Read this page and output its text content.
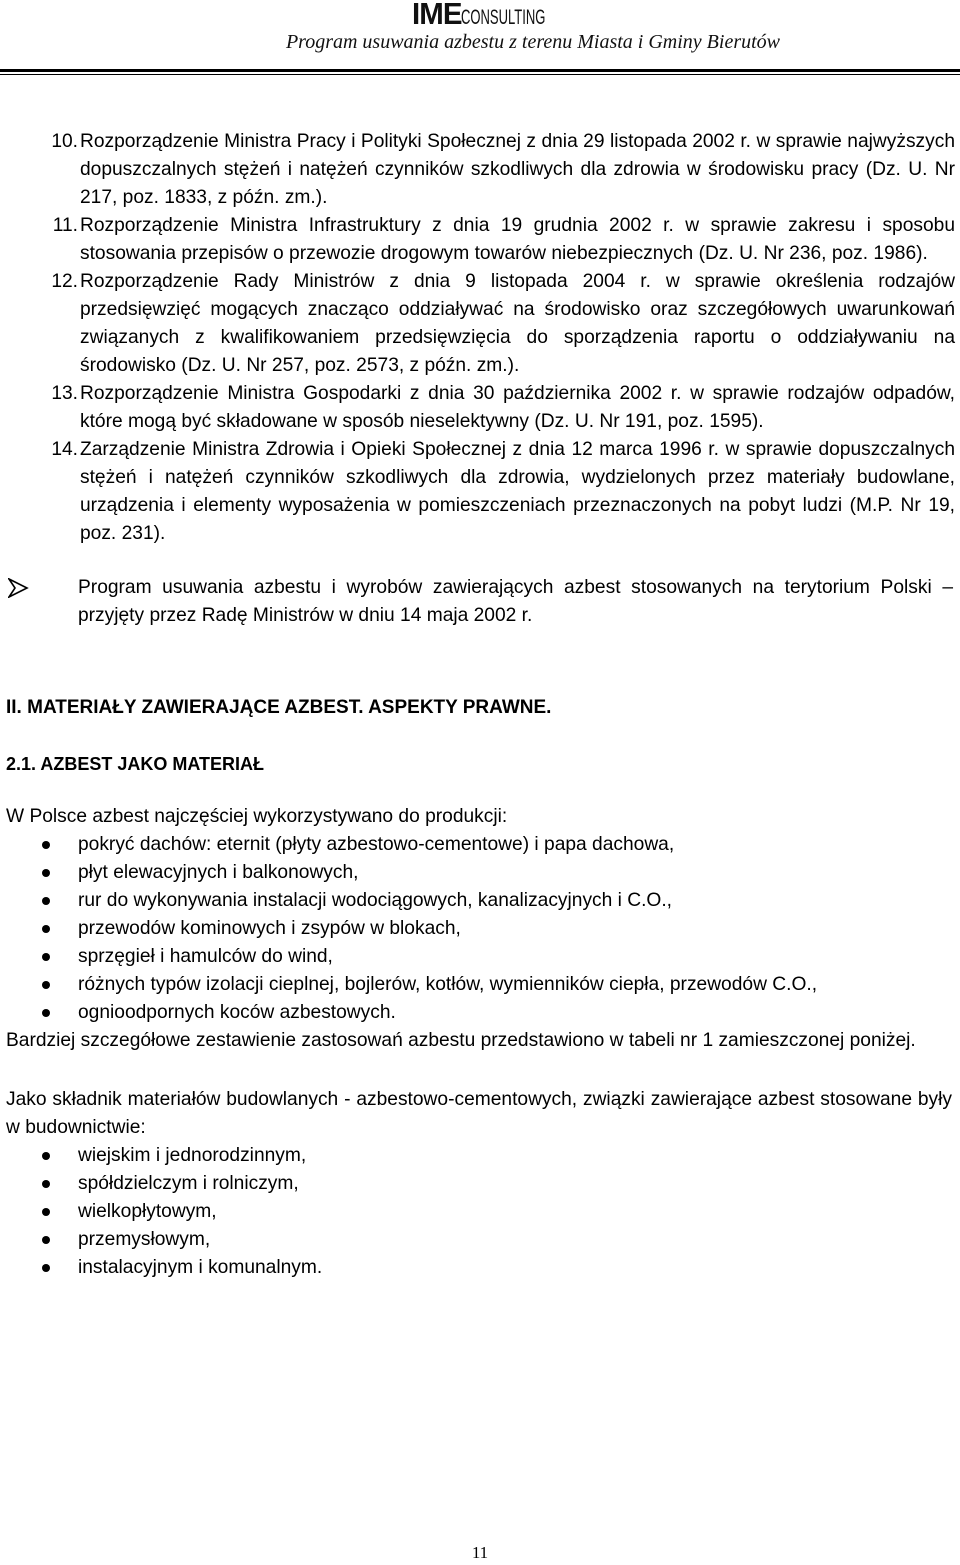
IMECONSULTING
Program usuwania azbestu z terenu Miasta i Gminy Bierutów
10. Rozporządzenie Ministra Pracy i Polityki Społecznej z dnia 29 listopada 2002 r. w sprawie najwyższych dopuszczalnych stężeń i natężeń czynników szkodliwych dla zdrowia w środowisku pracy (Dz. U. Nr 217, poz. 1833, z późn. zm.).
11. Rozporządzenie Ministra Infrastruktury z dnia 19 grudnia 2002 r. w sprawie zakresu i sposobu stosowania przepisów o przewozie drogowym towarów niebezpiecznych (Dz. U. Nr 236, poz. 1986).
12. Rozporządzenie Rady Ministrów z dnia 9 listopada 2004 r. w sprawie określenia rodzajów przedsięwzięć mogących znacząco oddziaływać na środowisko oraz szczegółowych uwarunkowań związanych z kwalifikowaniem przedsięwzięcia do sporządzenia raportu o oddziaływaniu na środowisko (Dz. U. Nr 257, poz. 2573, z późn. zm.).
13. Rozporządzenie Ministra Gospodarki z dnia 30 października 2002 r. w sprawie rodzajów odpadów, które mogą być składowane w sposób nieselektywny (Dz. U. Nr 191, poz. 1595).
14. Zarządzenie Ministra Zdrowia i Opieki Społecznej z dnia 12 marca 1996 r. w sprawie dopuszczalnych stężeń i natężeń czynników szkodliwych dla zdrowia, wydzielonych przez materiały budowlane, urządzenia i elementy wyposażenia w pomieszczeniach przeznaczonych na pobyt ludzi (M.P. Nr 19, poz. 231).
Program usuwania azbestu i wyrobów zawierających azbest stosowanych na terytorium Polski – przyjęty przez Radę Ministrów w dniu 14 maja 2002 r.
II. MATERIAŁY ZAWIERAJĄCE AZBEST. ASPEKTY PRAWNE.
2.1. AZBEST JAKO MATERIAŁ
W Polsce azbest najczęściej wykorzystywano do produkcji:
pokryć dachów: eternit (płyty azbestowo-cementowe) i papa dachowa,
płyt elewacyjnych i balkonowych,
rur do wykonywania instalacji wodociągowych, kanalizacyjnych i C.O.,
przewodów kominowych i zsypów w blokach,
sprzęgieł i hamulców do wind,
różnych typów izolacji cieplnej, bojlerów, kotłów, wymienników ciepła, przewodów C.O.,
ognioodpornych koców azbestowych.
Bardziej szczegółowe zestawienie zastosowań azbestu przedstawiono w tabeli nr 1 zamieszczonej poniżej.
Jako składnik materiałów budowlanych - azbestowo-cementowych, związki zawierające azbest stosowane były w budownictwie:
wiejskim i jednorodzinnym,
spółdzielczym i rolniczym,
wielkopłytowym,
przemysłowym,
instalacyjnym i komunalnym.
11
